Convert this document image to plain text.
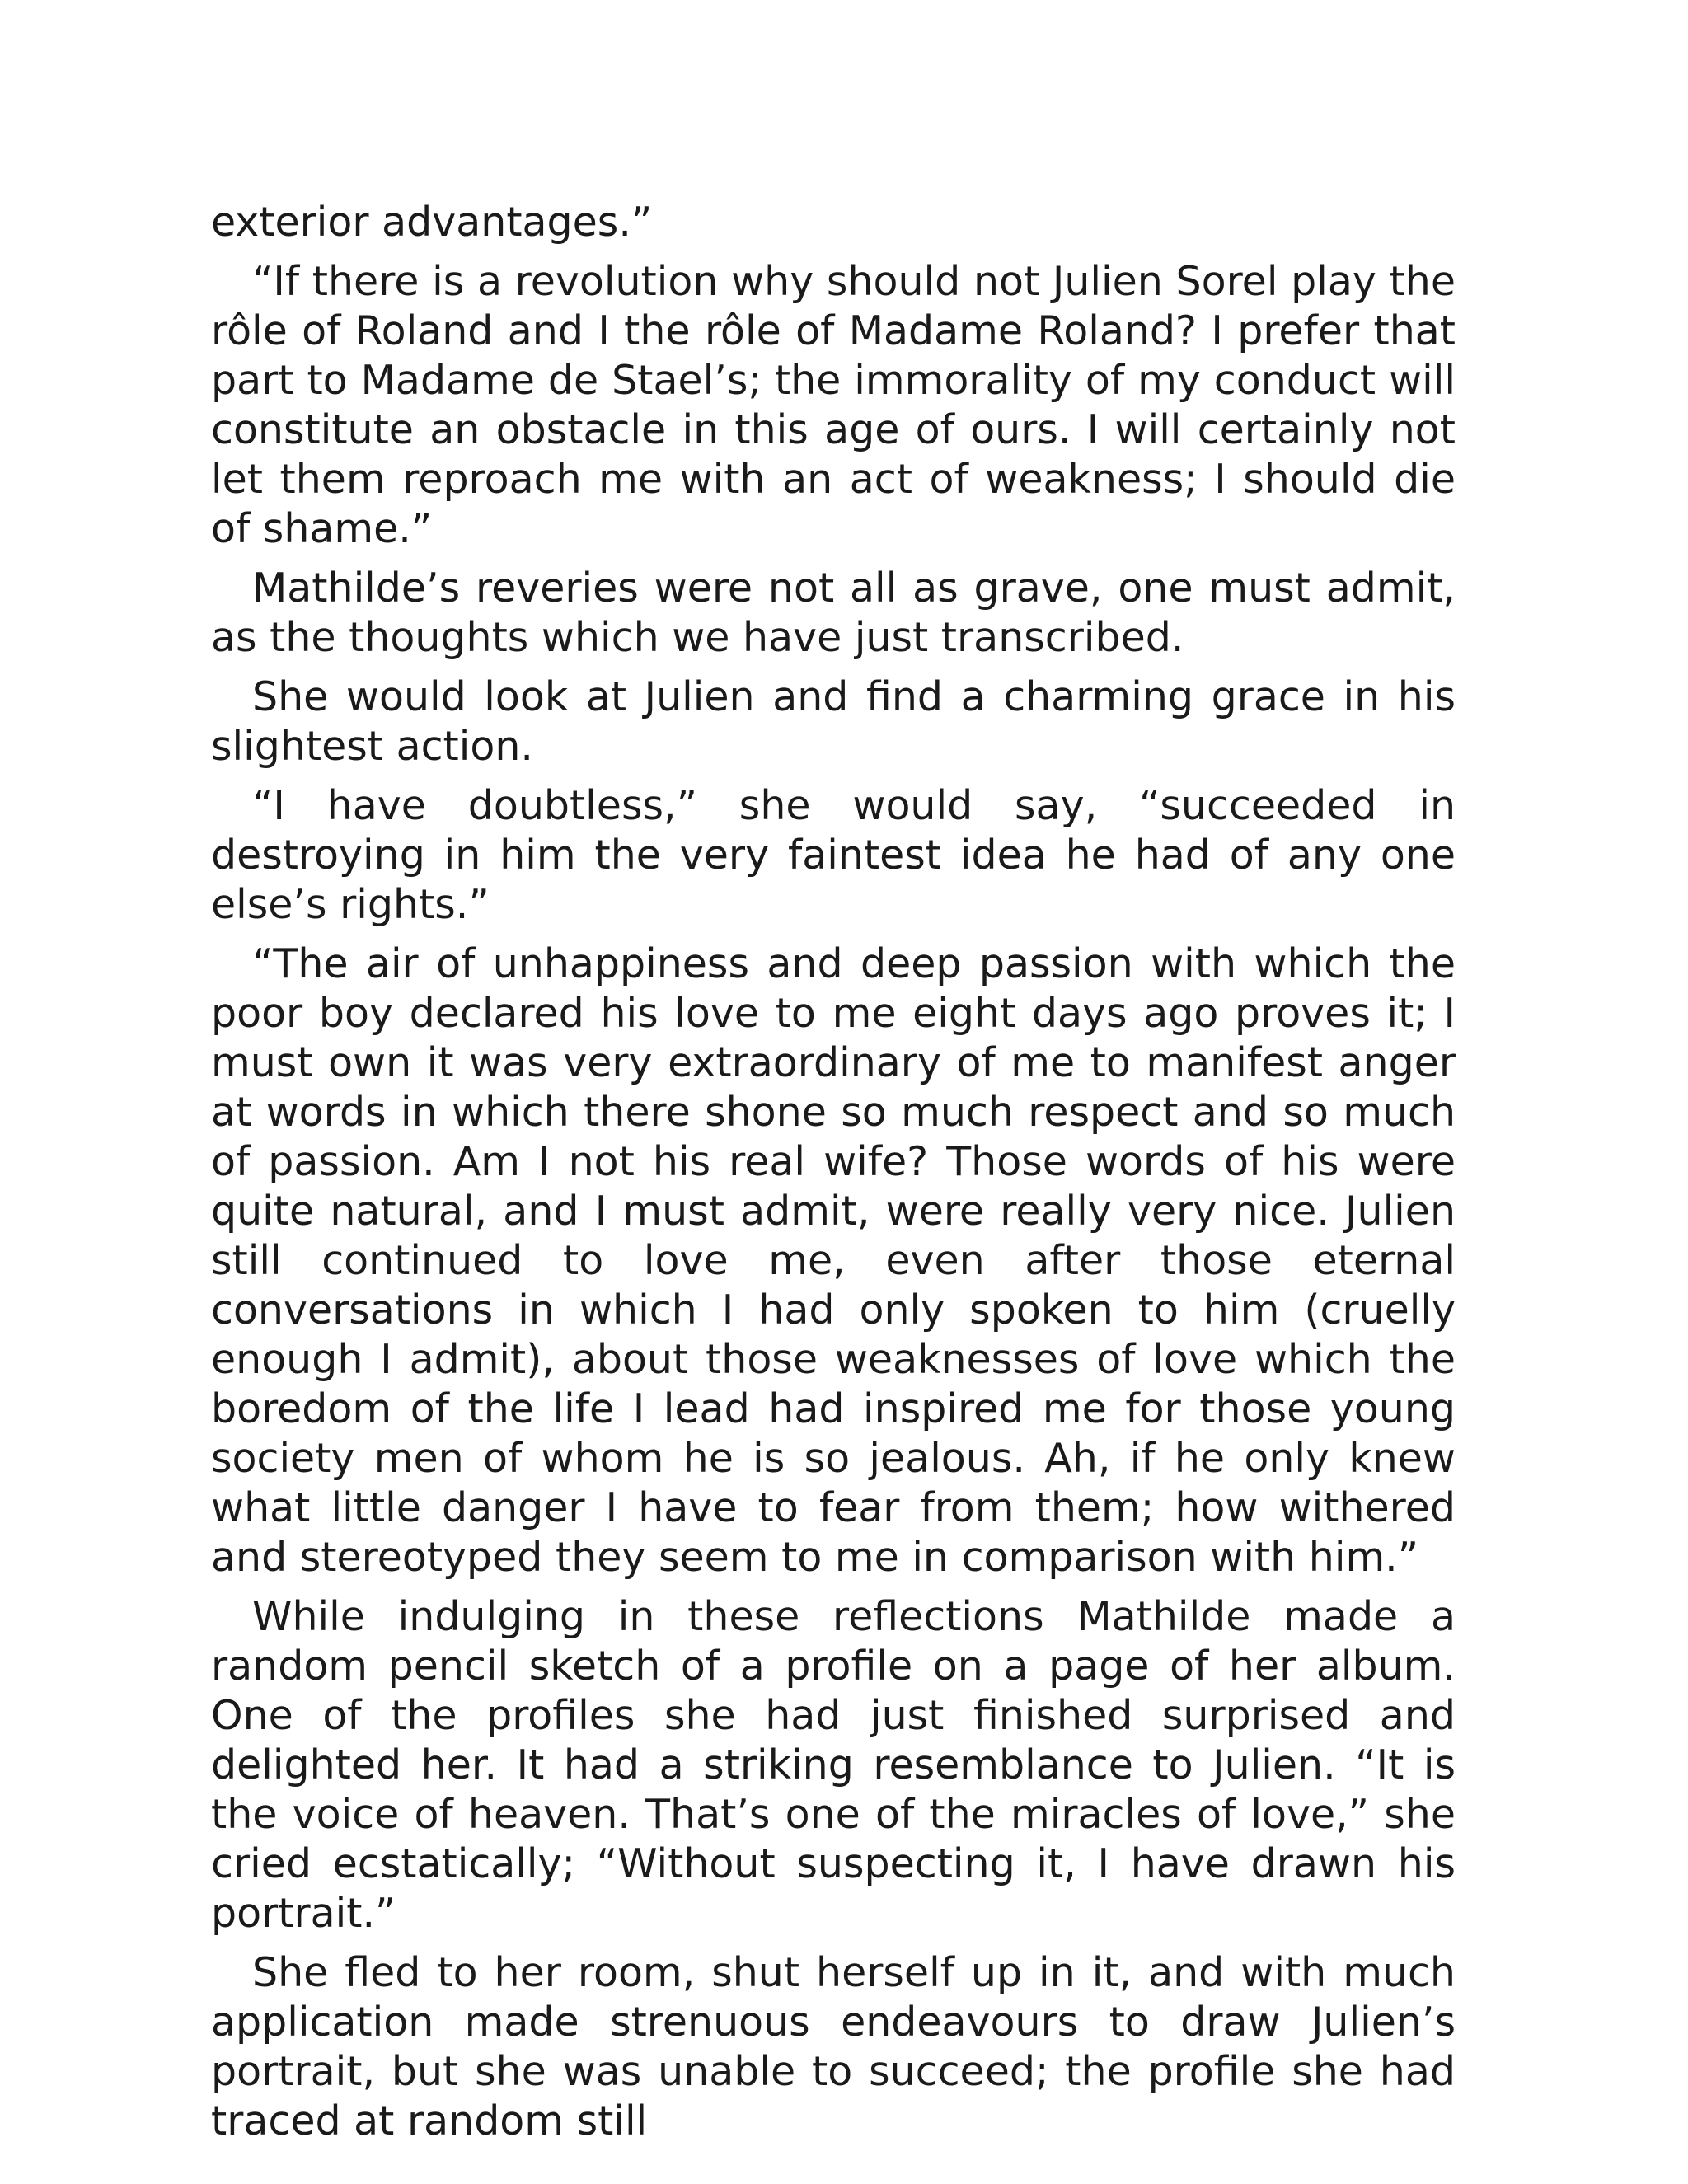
exterior advantages.”

“If there is a revolution why should not Julien Sorel play the rôle of Roland and I the rôle of Madame Roland? I prefer that part to Madame de Stael’s; the immorality of my conduct will constitute an obstacle in this age of ours. I will certainly not let them reproach me with an act of weakness; I should die of shame.”

Mathilde’s reveries were not all as grave, one must admit, as the thoughts which we have just transcribed.

She would look at Julien and find a charming grace in his slightest action.

“I have doubtless,” she would say, “succeeded in destroying in him the very faintest idea he had of any one else’s rights.”

“The air of unhappiness and deep passion with which the poor boy declared his love to me eight days ago proves it; I must own it was very extraordinary of me to manifest anger at words in which there shone so much respect and so much of passion. Am I not his real wife? Those words of his were quite natural, and I must admit, were really very nice. Julien still continued to love me, even after those eternal conversations in which I had only spoken to him (cruelly enough I admit), about those weaknesses of love which the boredom of the life I lead had inspired me for those young society men of whom he is so jealous. Ah, if he only knew what little danger I have to fear from them; how withered and stereotyped they seem to me in comparison with him.”

While indulging in these reflections Mathilde made a random pencil sketch of a profile on a page of her album. One of the profiles she had just finished surprised and delighted her. It had a striking resemblance to Julien. “It is the voice of heaven. That’s one of the miracles of love,” she cried ecstatically; “Without suspecting it, I have drawn his portrait.”

She fled to her room, shut herself up in it, and with much application made strenuous endeavours to draw Julien’s portrait, but she was unable to succeed; the profile she had traced at random still
